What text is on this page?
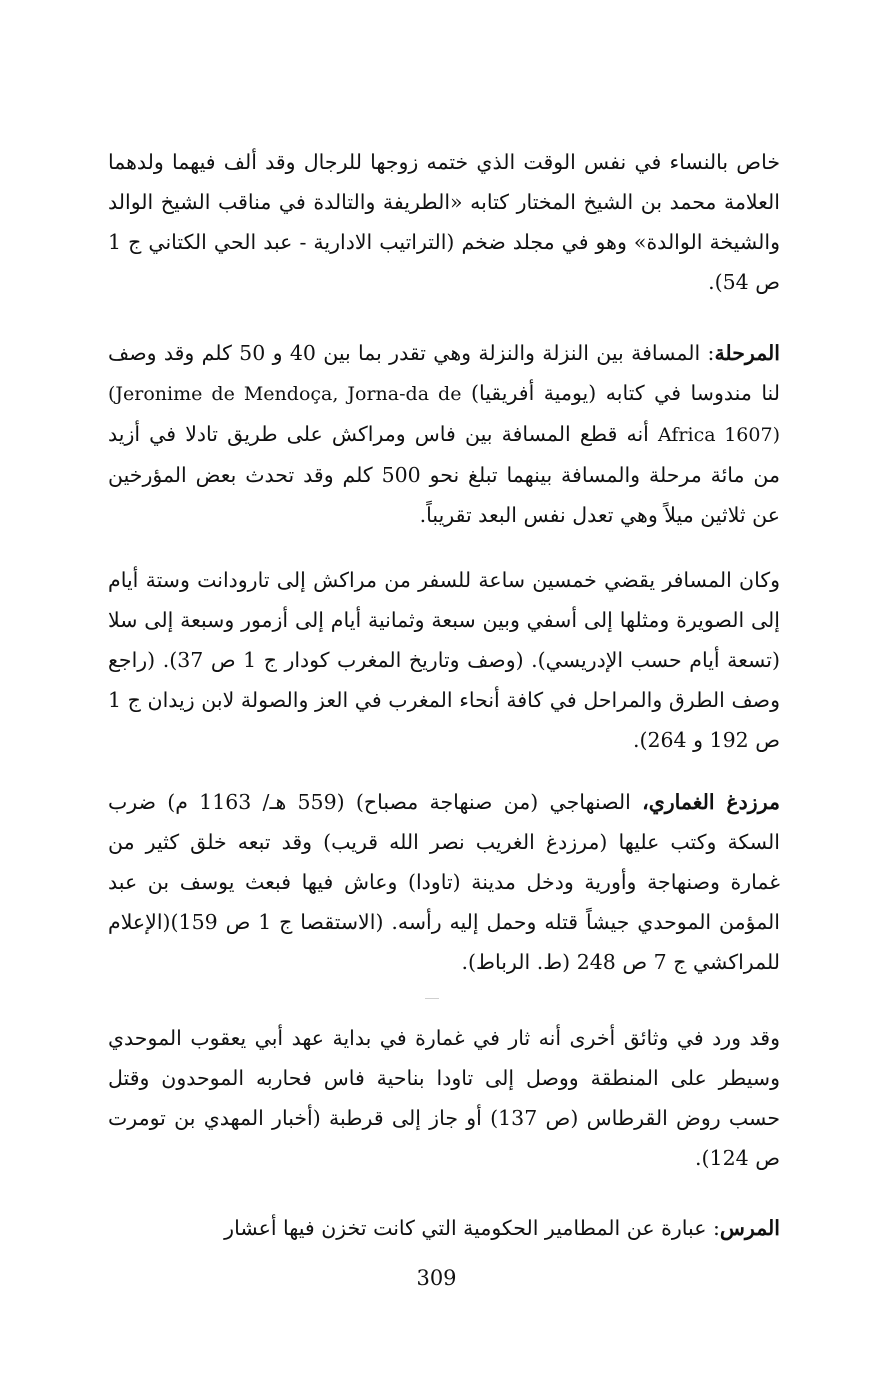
خاص بالنساء في نفس الوقت الذي ختمه زوجها للرجال وقد ألف فيهما ولدهما العلامة محمد بن الشيخ المختار كتابه «الطريفة والتالدة في مناقب الشيخ الوالد والشيخة الوالدة» وهو في مجلد ضخم (التراتيب الادارية - عبد الحي الكتاني ج 1 ص 54).

المرحلة: المسافة بين النزلة والنزلة وهي تقدر بما بين 40 و 50 كلم وقد وصف لنا مندوسا في كتابه (يومية أفريقيا) (Jeronime de Mendoça, Jorna-da de Africa 1607) أنه قطع المسافة بين فاس ومراكش على طريق تادلا في أزيد من مائة مرحلة والمسافة بينهما تبلغ نحو 500 كلم وقد تحدث بعض المؤرخين عن ثلاثين ميلاً وهي تعدل نفس البعد تقريباً.

وكان المسافر يقضي خمسين ساعة للسفر من مراكش إلى تارودانت وستة أيام إلى الصويرة ومثلها إلى أسفي وبين سبعة وثمانية أيام إلى أزمور وسبعة إلى سلا (تسعة أيام حسب الإدريسي). (وصف وتاريخ المغرب كودار ج 1 ص 37). (راجع وصف الطرق والمراحل في كافة أنحاء المغرب في العز والصولة لابن زيدان ج 1 ص 192 و 264).

مرزدغ الغماري، الصنهاجي (من صنهاجة مصباح) (559 هـ/ 1163 م) ضرب السكة وكتب عليها (مرزدغ الغريب نصر الله قريب) وقد تبعه خلق كثير من غمارة وصنهاجة وأورية ودخل مدينة (تاودا) وعاش فيها فبعث يوسف بن عبد المؤمن الموحدي جيشاً قتله وحمل إليه رأسه. (الاستقصا ج 1 ص 159)(الإعلام للمراكشي ج 7 ص 248 (ط. الرباط).

وقد ورد في وثائق أخرى أنه ثار في غمارة في بداية عهد أبي يعقوب الموحدي وسيطر على المنطقة ووصل إلى تاودا بناحية فاس فحاربه الموحدون وقتل حسب روض القرطاس (ص 137) أو جاز إلى قرطبة (أخبار المهدي بن تومرت ص 124).

المرس: عبارة عن المطامير الحكومية التي كانت تخزن فيها أعشار

309
